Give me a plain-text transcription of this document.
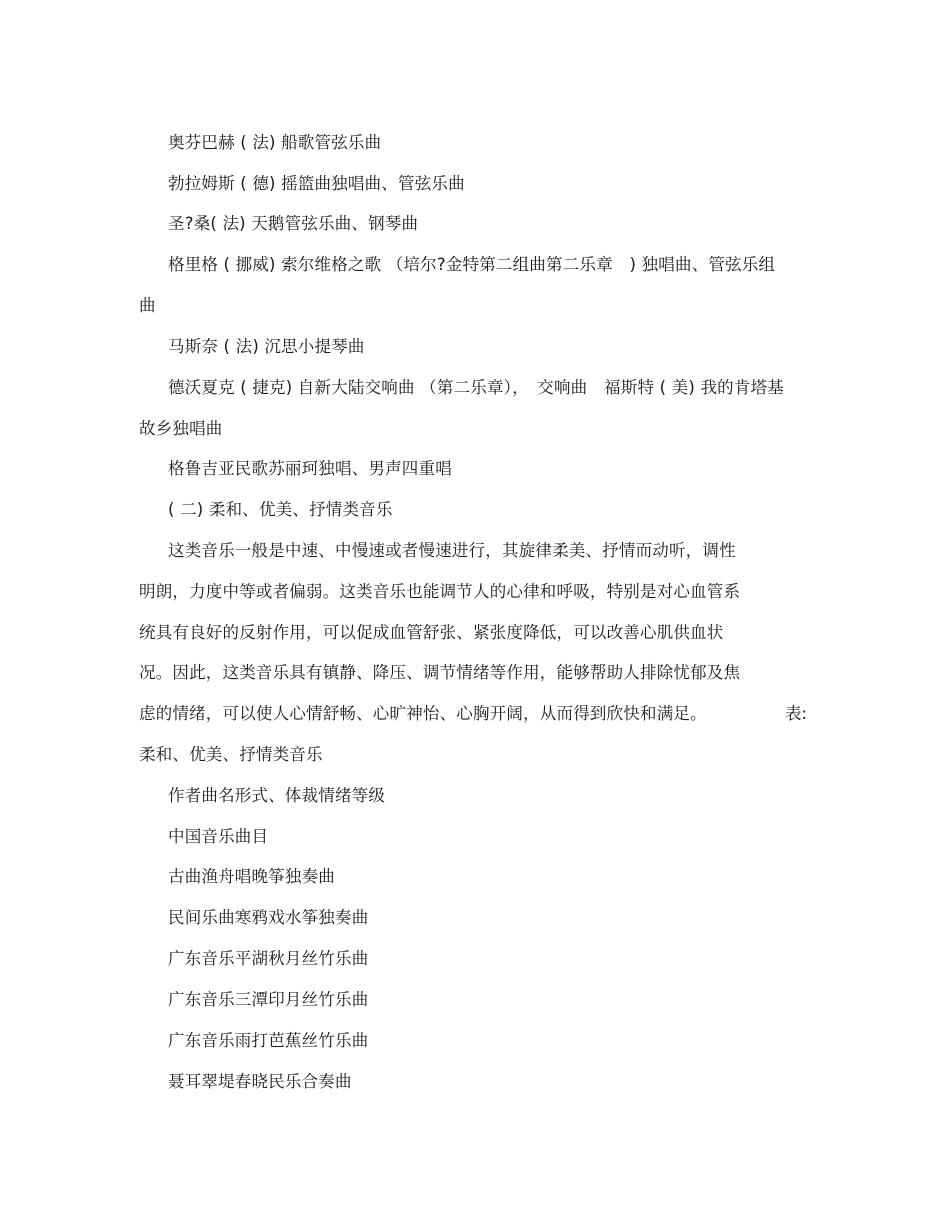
奥芬巴赫 ( 法) 船歌管弦乐曲
勃拉姆斯 ( 德) 摇篮曲独唱曲、管弦乐曲
圣?桑( 法) 天鹅管弦乐曲、钢琴曲
格里格 ( 挪威) 索尔维格之歌 （培尔?金特第二组曲第二乐章　) 独唱曲、管弦乐组
曲
马斯奈 ( 法) 沉思小提琴曲
德沃夏克 ( 捷克) 自新大陆交响曲 （第二乐章），　交响曲　福斯特 ( 美) 我的肯塔基
故乡独唱曲
格鲁吉亚民歌苏丽珂独唱、男声四重唱
( 二) 柔和、优美、抒情类音乐
这类音乐一般是中速、中慢速或者慢速进行，其旋律柔美、抒情而动听，调性
明朗，力度中等或者偏弱。这类音乐也能调节人的心律和呼吸，特别是对心血管系
统具有良好的反射作用，可以促成血管舒张、紧张度降低，可以改善心肌供血状
况。因此，这类音乐具有镇静、降压、调节情绪等作用，能够帮助人排除忧郁及焦
虑的情绪，可以使人心情舒畅、心旷神怡、心胸开阔，从而得到欣快和满足。	表:
柔和、优美、抒情类音乐
作者曲名形式、体裁情绪等级
中国音乐曲目
古曲渔舟唱晚筝独奏曲
民间乐曲寒鸦戏水筝独奏曲
广东音乐平湖秋月丝竹乐曲
广东音乐三潭印月丝竹乐曲
广东音乐雨打芭蕉丝竹乐曲
聂耳翠堤春晓民乐合奏曲
